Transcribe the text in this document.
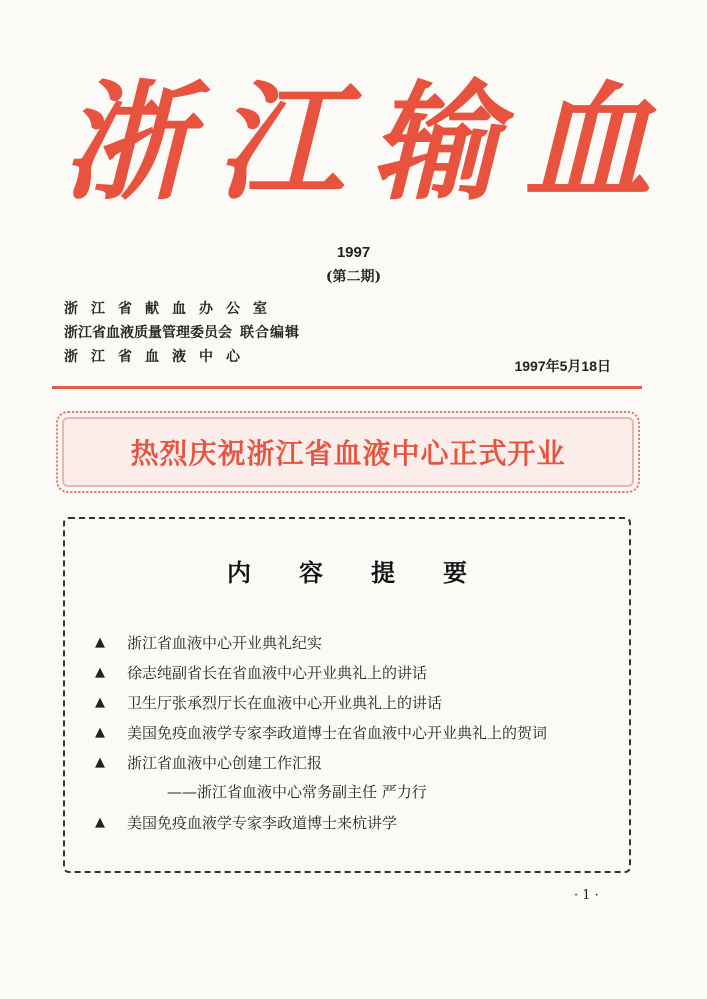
浙 江 输 血
1997
(第二期)
浙江省献血办公室
浙江省血液质量管理委员会 联合编辑
浙江省血液中心
1997年5月18日
热烈庆祝浙江省血液中心正式开业
内容提要
▲	浙江省血液中心开业典礼纪实
▲	徐志纯副省长在省血液中心开业典礼上的讲话
▲	卫生厅张承烈厅长在血液中心开业典礼上的讲话
▲	美国免疫血液学专家李政道博士在省血液中心开业典礼上的贺词
▲	浙江省血液中心创建工作汇报
——浙江省血液中心常务副主任 严力行
▲	美国免疫血液学专家李政道博士来杭讲学
· 1 ·
